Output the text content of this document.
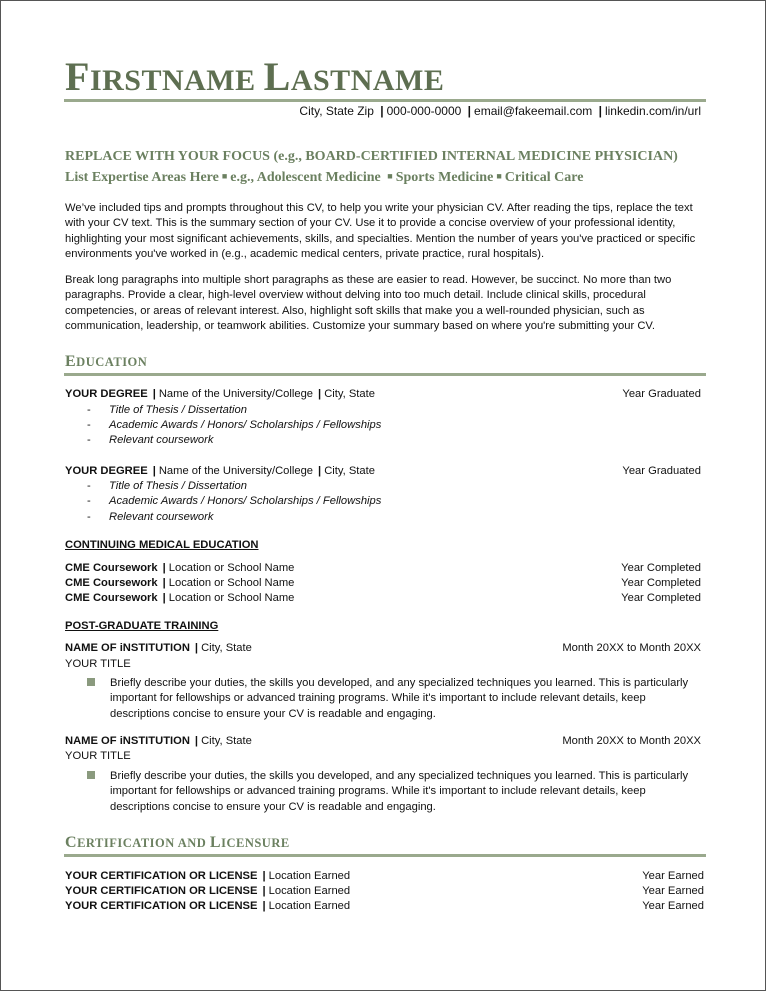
FIRSTNAME LASTNAME
City, State Zip | 000-000-0000 | email@fakeemail.com | linkedin.com/in/url
REPLACE WITH YOUR FOCUS (e.g., BOARD-CERTIFIED INTERNAL MEDICINE PHYSICIAN)
List Expertise Areas Here ■ e.g., Adolescent Medicine ■ Sports Medicine ■ Critical Care
We’ve included tips and prompts throughout this CV, to help you write your physician CV. After reading the tips, replace the text with your CV text. This is the summary section of your CV. Use it to provide a concise overview of your professional identity, highlighting your most significant achievements, skills, and specialties. Mention the number of years you've practiced or specific environments you've worked in (e.g., academic medical centers, private practice, rural hospitals).
Break long paragraphs into multiple short paragraphs as these are easier to read. However, be succinct. No more than two paragraphs. Provide a clear, high-level overview without delving into too much detail. Include clinical skills, procedural competencies, or areas of relevant interest. Also, highlight soft skills that make you a well-rounded physician, such as communication, leadership, or teamwork abilities. Customize your summary based on where you're submitting your CV.
EDUCATION
YOUR DEGREE | Name of the University/College | City, State	Year Graduated
- Title of Thesis / Dissertation
- Academic Awards / Honors/ Scholarships / Fellowships
- Relevant coursework
YOUR DEGREE | Name of the University/College | City, State	Year Graduated
- Title of Thesis / Dissertation
- Academic Awards / Honors/ Scholarships / Fellowships
- Relevant coursework
CONTINUING MEDICAL EDUCATION
CME Coursework | Location or School Name	Year Completed
CME Coursework | Location or School Name	Year Completed
CME Coursework | Location or School Name	Year Completed
POST-GRADUATE TRAINING
NAME OF iNSTITUTION | City, State	Month 20XX to Month 20XX
YOUR TITLE
Briefly describe your duties, the skills you developed, and any specialized techniques you learned. This is particularly important for fellowships or advanced training programs. While it's important to include relevant details, keep descriptions concise to ensure your CV is readable and engaging.
NAME OF iNSTITUTION | City, State	Month 20XX to Month 20XX
YOUR TITLE
Briefly describe your duties, the skills you developed, and any specialized techniques you learned. This is particularly important for fellowships or advanced training programs. While it's important to include relevant details, keep descriptions concise to ensure your CV is readable and engaging.
CERTIFICATION AND LICENSURE
YOUR CERTIFICATION OR LICENSE | Location Earned	Year Earned
YOUR CERTIFICATION OR LICENSE | Location Earned	Year Earned
YOUR CERTIFICATION OR LICENSE | Location Earned	Year Earned
